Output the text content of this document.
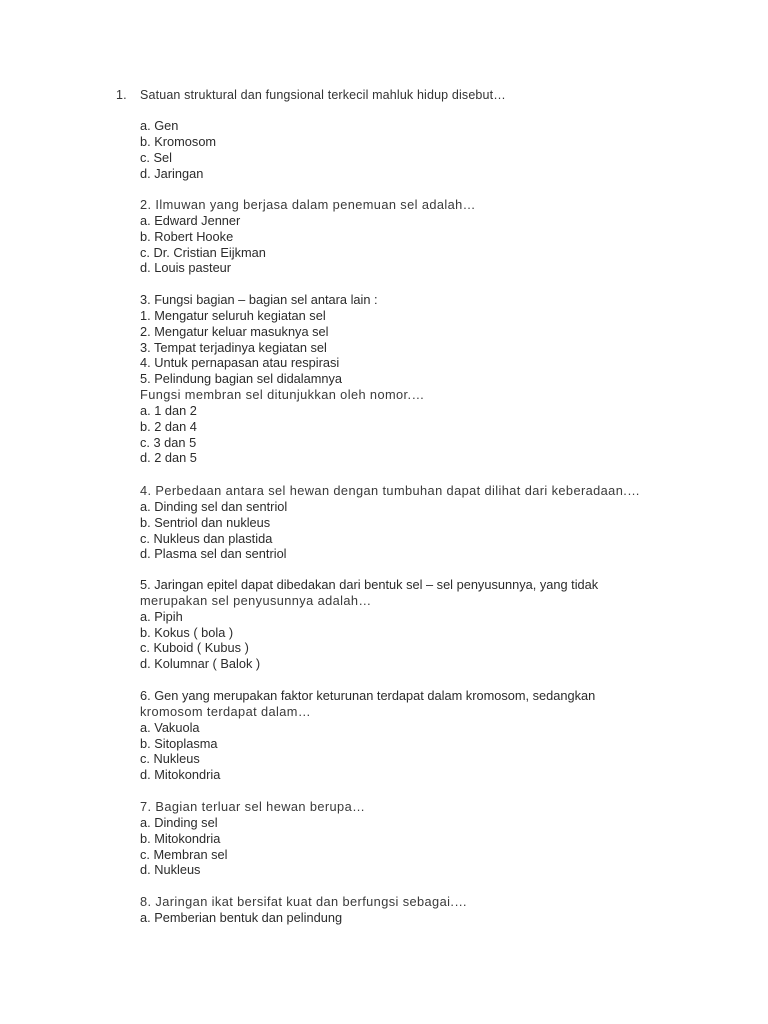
1. Satuan struktural dan fungsional terkecil mahluk hidup disebut…
a. Gen
b. Kromosom
c. Sel
d. Jaringan
2. Ilmuwan yang berjasa dalam penemuan sel adalah…
a. Edward Jenner
b. Robert Hooke
c. Dr. Cristian Eijkman
d. Louis pasteur
3. Fungsi bagian – bagian sel antara lain :
1. Mengatur seluruh kegiatan sel
2. Mengatur keluar masuknya sel
3. Tempat terjadinya kegiatan sel
4. Untuk pernapasan atau respirasi
5. Pelindung bagian sel didalamnya
Fungsi membran sel ditunjukkan oleh nomor.…
a. 1 dan 2
b. 2 dan 4
c. 3 dan 5
d. 2 dan 5
4. Perbedaan antara sel hewan dengan tumbuhan dapat dilihat dari keberadaan.…
a. Dinding sel dan sentriol
b. Sentriol dan nukleus
c. Nukleus dan plastida
d. Plasma sel dan sentriol
5. Jaringan epitel dapat dibedakan dari bentuk sel – sel penyusunnya, yang tidak
merupakan sel penyusunnya adalah…
a. Pipih
b. Kokus ( bola )
c. Kuboid ( Kubus )
d. Kolumnar ( Balok )
6. Gen yang merupakan faktor keturunan terdapat dalam kromosom, sedangkan
kromosom terdapat dalam…
a. Vakuola
b. Sitoplasma
c. Nukleus
d. Mitokondria
7. Bagian terluar sel hewan berupa…
a. Dinding sel
b. Mitokondria
c. Membran sel
d. Nukleus
8. Jaringan ikat bersifat kuat dan berfungsi sebagai.…
a. Pemberian bentuk dan pelindung
